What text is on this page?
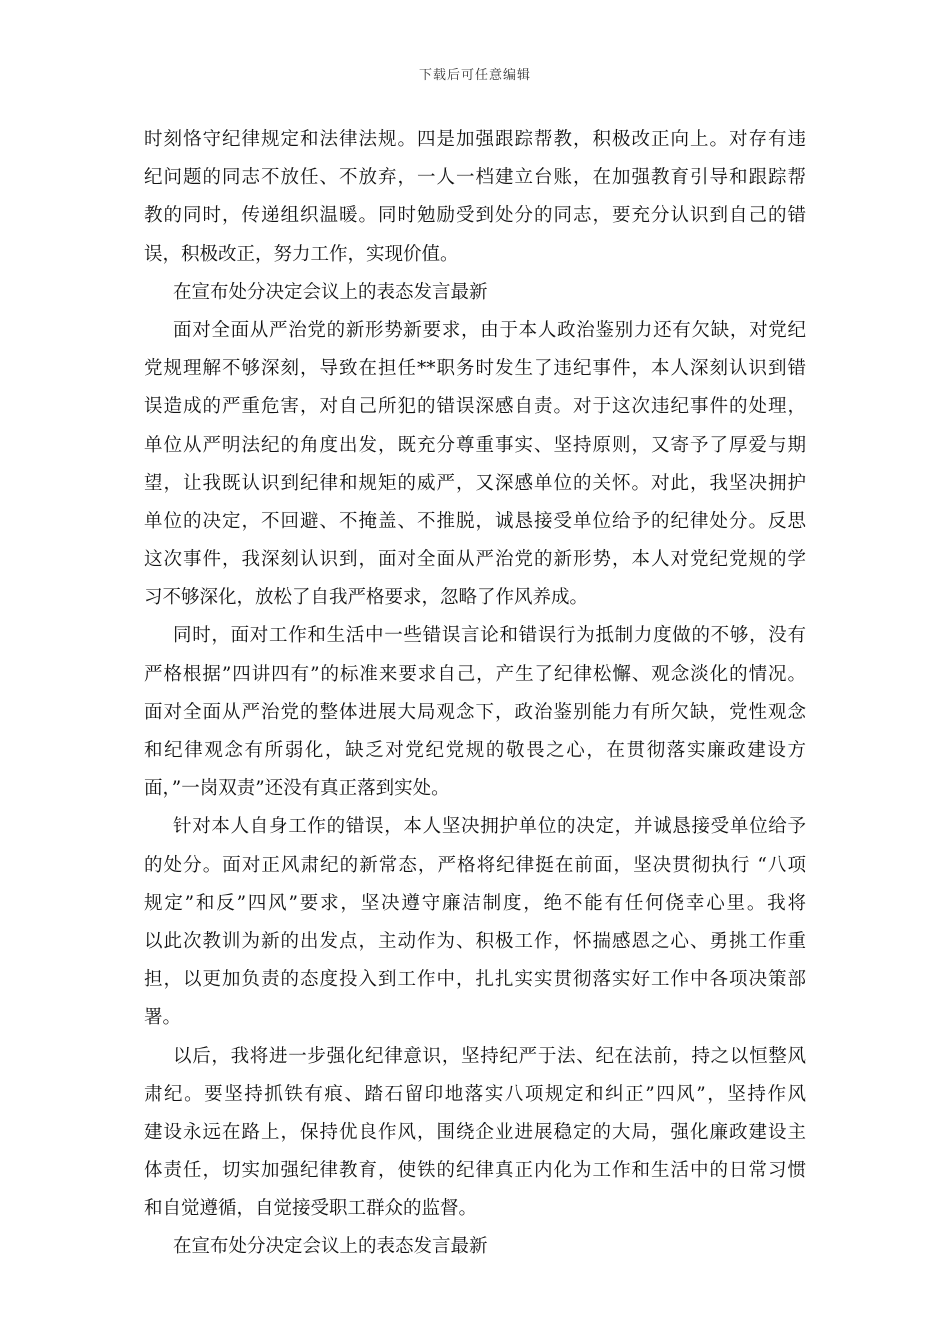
下载后可任意编辑
时刻恪守纪律规定和法律法规。四是加强跟踪帮教，积极改正向上。对存有违
纪问题的同志不放任、不放弃，一人一档建立台账，在加强教育引导和跟踪帮
教的同时，传递组织温暖。同时勉励受到处分的同志，要充分认识到自己的错
误，积极改正，努力工作，实现价值。
在宣布处分决定会议上的表态发言最新
面对全面从严治党的新形势新要求，由于本人政治鉴别力还有欠缺，对党纪
党规理解不够深刻，导致在担任**职务时发生了违纪事件，本人深刻认识到错
误造成的严重危害，对自己所犯的错误深感自责。对于这次违纪事件的处理，
单位从严明法纪的角度出发，既充分尊重事实、坚持原则，又寄予了厚爱与期
望，让我既认识到纪律和规矩的威严，又深感单位的关怀。对此，我坚决拥护
单位的决定，不回避、不掩盖、不推脱，诚恳接受单位给予的纪律处分。反思
这次事件，我深刻认识到，面对全面从严治党的新形势，本人对党纪党规的学
习不够深化，放松了自我严格要求，忽略了作风养成。
同时，面对工作和生活中一些错误言论和错误行为抵制力度做的不够，没有
严格根据”四讲四有”的标准来要求自己，产生了纪律松懈、观念淡化的情况。
面对全面从严治党的整体进展大局观念下，政治鉴别能力有所欠缺，党性观念
和纪律观念有所弱化，缺乏对党纪党规的敬畏之心，在贯彻落实廉政建设方
面，”一岗双责”还没有真正落到实处。
针对本人自身工作的错误，本人坚决拥护单位的决定，并诚恳接受单位给予
的处分。面对正风肃纪的新常态，严格将纪律挺在前面，坚决贯彻执行 “八项
规定”和反”四风”要求，坚决遵守廉洁制度，绝不能有任何侥幸心里。我将
以此次教训为新的出发点，主动作为、积极工作，怀揣感恩之心、勇挑工作重
担，以更加负责的态度投入到工作中，扎扎实实贯彻落实好工作中各项决策部
署。
以后，我将进一步强化纪律意识，坚持纪严于法、纪在法前，持之以恒整风
肃纪。要坚持抓铁有痕、踏石留印地落实八项规定和纠正”四风”，坚持作风
建设永远在路上，保持优良作风，围绕企业进展稳定的大局，强化廉政建设主
体责任，切实加强纪律教育，使铁的纪律真正内化为工作和生活中的日常习惯
和自觉遵循，自觉接受职工群众的监督。
在宣布处分决定会议上的表态发言最新
